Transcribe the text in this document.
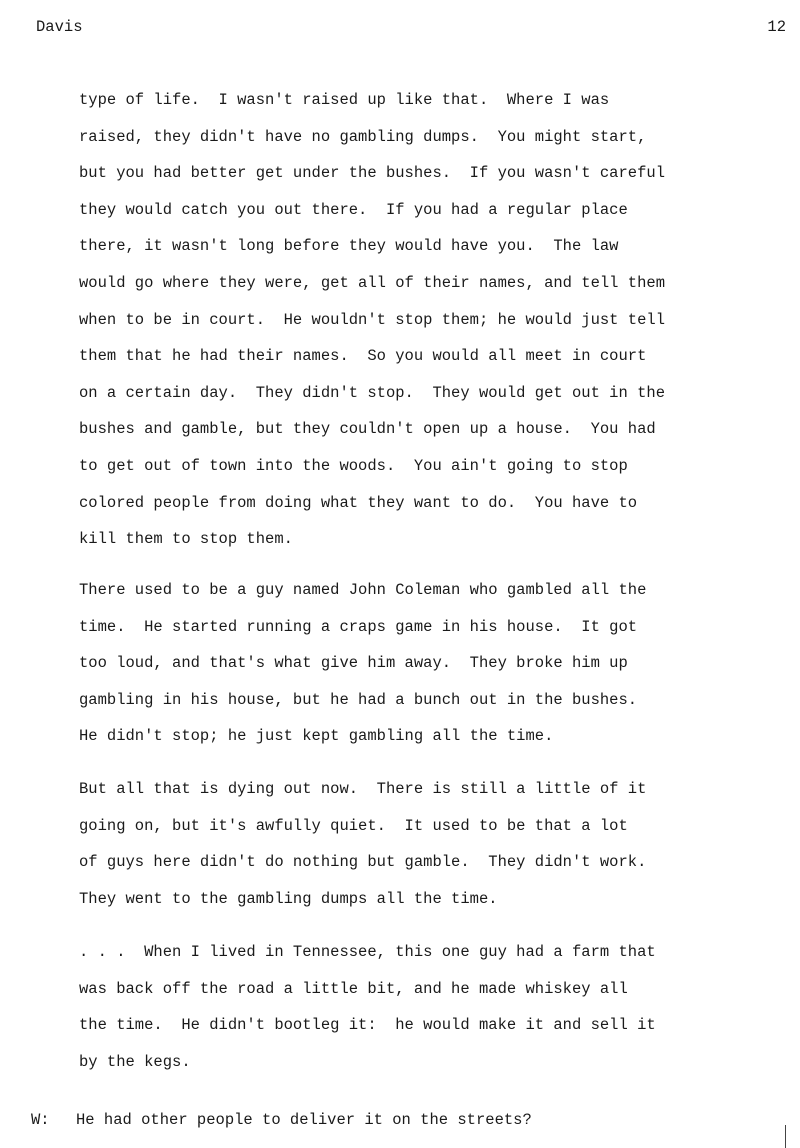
Davis	12
type of life.  I wasn't raised up like that.  Where I was
raised, they didn't have no gambling dumps.  You might start,
but you had better get under the bushes.  If you wasn't careful
they would catch you out there.  If you had a regular place
there, it wasn't long before they would have you.  The law
would go where they were, get all of their names, and tell them
when to be in court.  He wouldn't stop them; he would just tell
them that he had their names.  So you would all meet in court
on a certain day.  They didn't stop.  They would get out in the
bushes and gamble, but they couldn't open up a house.  You had
to get out of town into the woods.  You ain't going to stop
colored people from doing what they want to do.  You have to
kill them to stop them.
There used to be a guy named John Coleman who gambled all the
time.  He started running a craps game in his house.  It got
too loud, and that's what give him away.  They broke him up
gambling in his house, but he had a bunch out in the bushes.
He didn't stop; he just kept gambling all the time.
But all that is dying out now.  There is still a little of it
going on, but it's awfully quiet.  It used to be that a lot
of guys here didn't do nothing but gamble.  They didn't work.
They went to the gambling dumps all the time.
. . .  When I lived in Tennessee, this one guy had a farm that
was back off the road a little bit, and he made whiskey all
the time.  He didn't bootleg it:  he would make it and sell it
by the kegs.
W: He had other people to deliver it on the streets?
